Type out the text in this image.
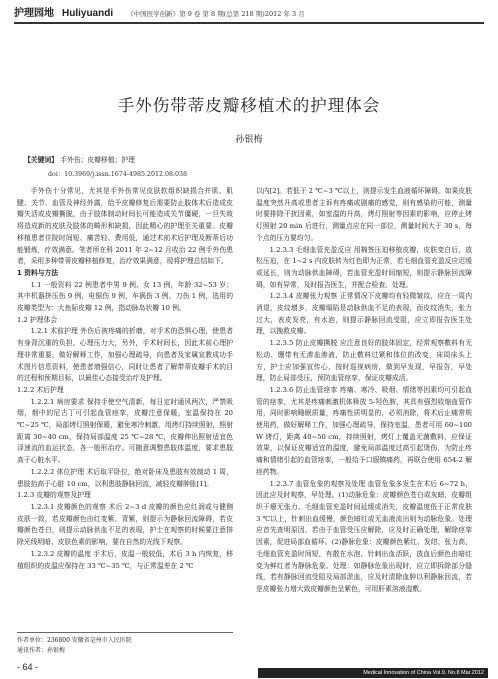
护理园地 Huliyuandi 《中国医学创新》第 9 卷 第 8 期(总第 218 期)2012 年 3 月
手外伤带蒂皮瓣移植术的护理体会
孙银梅
【关键词】 手外伤；皮瓣移植；护理
doi：10.3969/j.issn.1674-4985.2012.08.038

手外伤十分常见，尤其是手外伤常见皮肤软组织缺损合并肌、肌腱、关节、血管及神经外露，给予皮瓣修复后需要防止肢体术后造成皮瓣失活或皮瓣撕脱，由于肢体制动时间长可能造成关节僵硬，一旦失败将造成新的皮肤及肢体的畸形和缺损，因此精心的护理至关重要。皮瓣移植患者住院时间短、痛苦轻、费用低，通过术前术后护理及断蒂后功能锻炼，疗效满意。笔者所在科 2011 年 2~12 月收治 22 例手外伤患者，采用多种带蒂皮瓣移植修复，治疗效果满意，现将护理总结如下。

1 资料与方法

1.1 一般资料 22 例患者中男 9 例、女 13 例，年龄 32~53 岁；其中机器挤压伤 9 例，电锯伤 9 例，车祸伤 3 例，刀伤 1 例，选用的皮瓣类型为：大鱼际皮瓣 12 例，指动脉岛状瓣 10 例。

1.2 护理体会

1.2.1 术前护理 外伤后被疼痛的折磨，对手术的恐惧心理，使患者有身背沉重的负担。心理压力大，另外，手术时间长，因此术前心理护理非常重要，做好解释工作，加强心理疏导，向患者及家属宣教成功手术图片信息资料，使患者增强信心，同时让患者了解带蒂皮瓣手术的目的过程和预期目标，以最佳心态接受治疗及护理。

1.2.2 术后护理

1.2.2.1 病房要求 保持手使空气清新，每日定时通风两次，严禁吸烟，烟中的尼古丁可引起血管痉挛，皮瓣注意保暖，室温保持在 20 ℃~25 ℃，局部烤灯照射保暖，避免寒冷刺激，用烤灯持续照射，照射距离 30~40 cm，保持局部温度 25 ℃~28 ℃，皮瓣伸出照射适宜色泽速流的血运状态，各一般形治疗。可随意调整患肢体温度，要求患肢高于心脏水平。

1.2.2.2 体位护理 术后取平卧位，绝对卧床及患肢有效制动 1 周，患肢抬高于心脏 10 cm，以利患肢静脉回流，减轻皮瓣肿胀[1]。

1.2.3 皮瓣的观察及护理

1.2.3.1 皮瓣颜色的观察 术后 2~3 d 皮瓣的颜色应红润或与健侧皮肤一致，若皮瓣颜色由红变紫、青紫，则提示为静脉回流障碍，若皮瓣颜色苍白，则提示动脉供血不足的表现，护士在观察的时候要注意排除光线明暗、皮肤色素的影响，要在自然的光线下观察。

1.2.3.2 皮瓣的温度 手术后，皮温一般较低，术后 3 h 内恢复，移植组织的皮温应保持在 33 ℃~35 ℃，与正常温差在 2 ℃

以内[2]。若低于 2 ℃~3 ℃以上，则提示发生血液循环障碍。如果皮肤温度突然升高或患者主诉有疼痛或剧痛的感觉，则有感染的可能，测量时要排除干扰因素，如室温的升高，烤灯照射等因素的影响，应停止烤灯照射 20 min 后进行，测量点应在同一部位，测量时间大于 30 s，每个点的压力要均匀。

1.2.3.3 毛细血管充盈反应 用棉签压迫移植皮瓣，皮肤变白后，放松压迫，在 1~2 s 内皮肤转为红色即为正常，若毛细血管充盈反应迟缓或延长，则为动脉供血障碍，若血管充盈时间缩短，则提示静脉回流障碍，如有异常，及时报告医生，并配合检查、处理。

1.2.3.4 皮瓣张力观察 正常情况下皮瓣均有轻微皱纹，应在一周内消退，皮纹增多，皮瓣塌陷是动脉供血不足的表现，而皮纹消失，张力过大，表皮发亮，有水泡，则提示静脉回流受阻，应立即报告医生处理，以挽救皮瓣。

1.2.3.5 防止皮瓣撕脱 应注意良好的肢体固定，经常观察敷料有无松动、绷带有无渗血渗液，防止敷料过紧和体位的改变，床周床头上方，护士应加强宣传心，按时巡视病房，做到早发现，早报告，早处理，防止局部受压，预防血管痉挛，保证皮瓣成活。

1.2.3.6 防止血管痉挛 疼痛、寒冷、吸烟、情绪等因素均可引起血管的痉挛，尤其是疼痛刺激机体释放 5-羟色胺，其具有强烈收缩血管作用，同时影响睡眠质量，疼痛性质明显的，必须消除，将术后止痛常规使用药，做好解释工作，加强心理疏导，保持室温，患者可用 60~100 W 烤灯，距离 40~50 cm，持续照射，烤灯上覆盖无菌敷料，应保证效果，以保证皮瓣适宜的温度，避免局部温度过高引起烫伤，为防止疼痛和情绪引起的血管痉挛，一般给予口服镇痛药，再联合使用 654-2 解痉药物。

1.2.3.7 血管危象的观察及处理 血管危象多发生在术后 6~72 h，因此应及时观察，早处理。(1)动脉危象：皮瓣颜色苍白或灰暗，皮瓣组织干瘪无张力、毛细血管充盈时间延缓或消失，皮瓣温度低于正常皮肤 3 ℃以上，针刺出血缓慢，颜色暗红或无血液流出则为动脉危象。处理应首先查明原因，若由于血管受压应解除，应及时正确处理，解除痉挛因素，促进局部血循环。(2)静脉危象：皮瓣颜色紫红、发绀、张力高，毛细血管充盈时间短，有散在水泡，针刺出血活跃，放血后颜色由暗红变为鲜红者为静脉危象。处理：如静脉危象出现时，应立即拆除部分缝线，若有静脉回流受阻及局部淤血，应及时清除血肿以利静脉回流，若是皮瓣张力增大致皮瓣颜色呈紫色，可用肝素溶液湿敷。

作者单位：236800 安徽省亳州市人民医院
通讯作者：孙银梅
- 64 -
Medical Innovation of China Vol.9, No.8 Mar.2012
